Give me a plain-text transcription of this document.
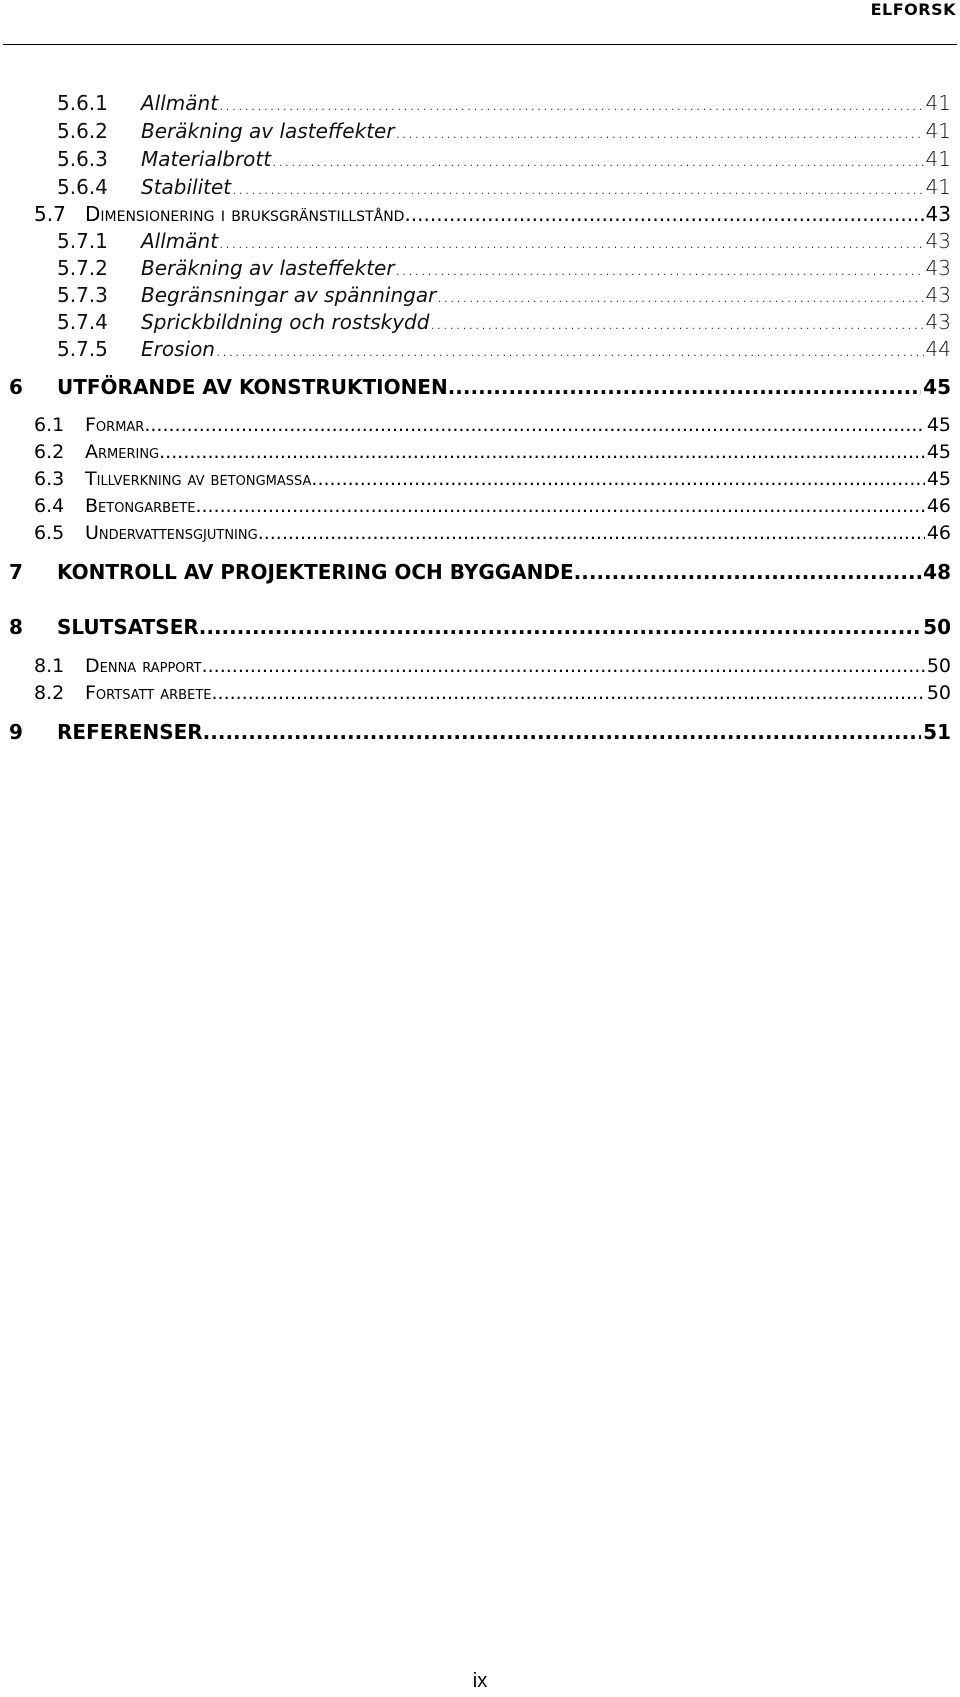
ELFORSK
5.6.1	Allmänt .....	41
5.6.2	Beräkning av lasteffekter .....	41
5.6.3	Materialbrott .....	41
5.6.4	Stabilitet .....	41
5.7 Dimensionering i bruksgränstillstånd .....	43
5.7.1	Allmänt .....	43
5.7.2	Beräkning av lasteffekter .....	43
5.7.3	Begränsningar av spänningar .....	43
5.7.4	Sprickbildning och rostskydd .....	43
5.7.5	Erosion .....	44
6	UTFÖRANDE AV KONSTRUKTIONEN .....	45
6.1	Formar .....	45
6.2	Armering .....	45
6.3	Tillverkning av betongmassa .....	45
6.4	Betongarbete .....	46
6.5	Undervattensgjutning .....	46
7	KONTROLL AV PROJEKTERING OCH BYGGANDE .....	48
8	SLUTSATSER .....	50
8.1	Denna rapport .....	50
8.2	Fortsatt arbete .....	50
9	REFERENSER .....	51
ix
